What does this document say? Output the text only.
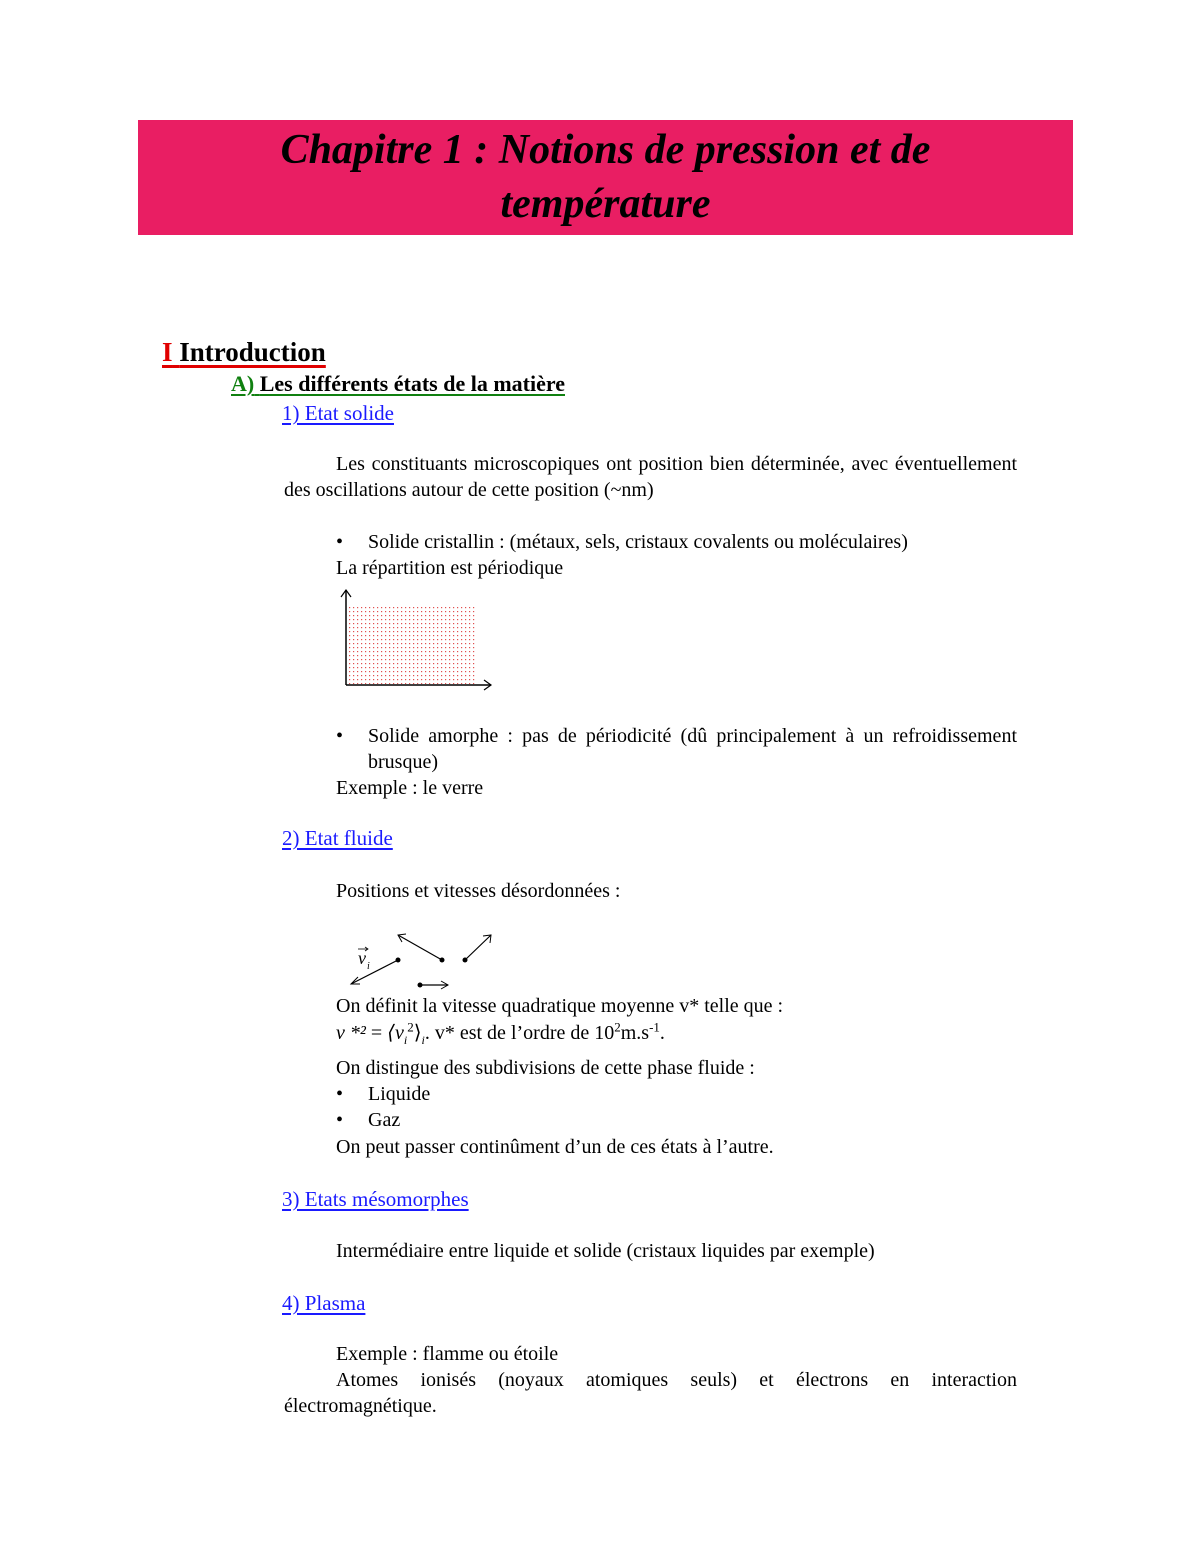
Chapitre 1 : Notions de pression et de
température
I Introduction
A) Les différents états de la matière
1) Etat solide
Les constituants microscopiques ont position bien déterminée, avec éventuellement des oscillations autour de cette position (~nm)
•	Solide cristallin : (métaux, sels, cristaux covalents ou moléculaires)
La répartition est périodique
•	Solide amorphe : pas de périodicité (dû principalement à un refroidissement brusque)
Exemple : le verre
2) Etat fluide
Positions et vitesses désordonnées :
v i
On définit la vitesse quadratique moyenne v* telle que :
v $*^2 = ⟨v_i^2⟩_i$. v* est de l’ordre de $10^2m.s^{-1}$.
On distingue des subdivisions de cette phase fluide :
•	Liquide
•	Gaz
On peut passer continûment d’un de ces états à l’autre.
3) Etats mésomorphes
Intermédiaire entre liquide et solide (cristaux liquides par exemple)
4) Plasma
Exemple : flamme ou étoile
Atomes ionisés (noyaux atomiques seuls) et électrons en interaction électromagnétique.
